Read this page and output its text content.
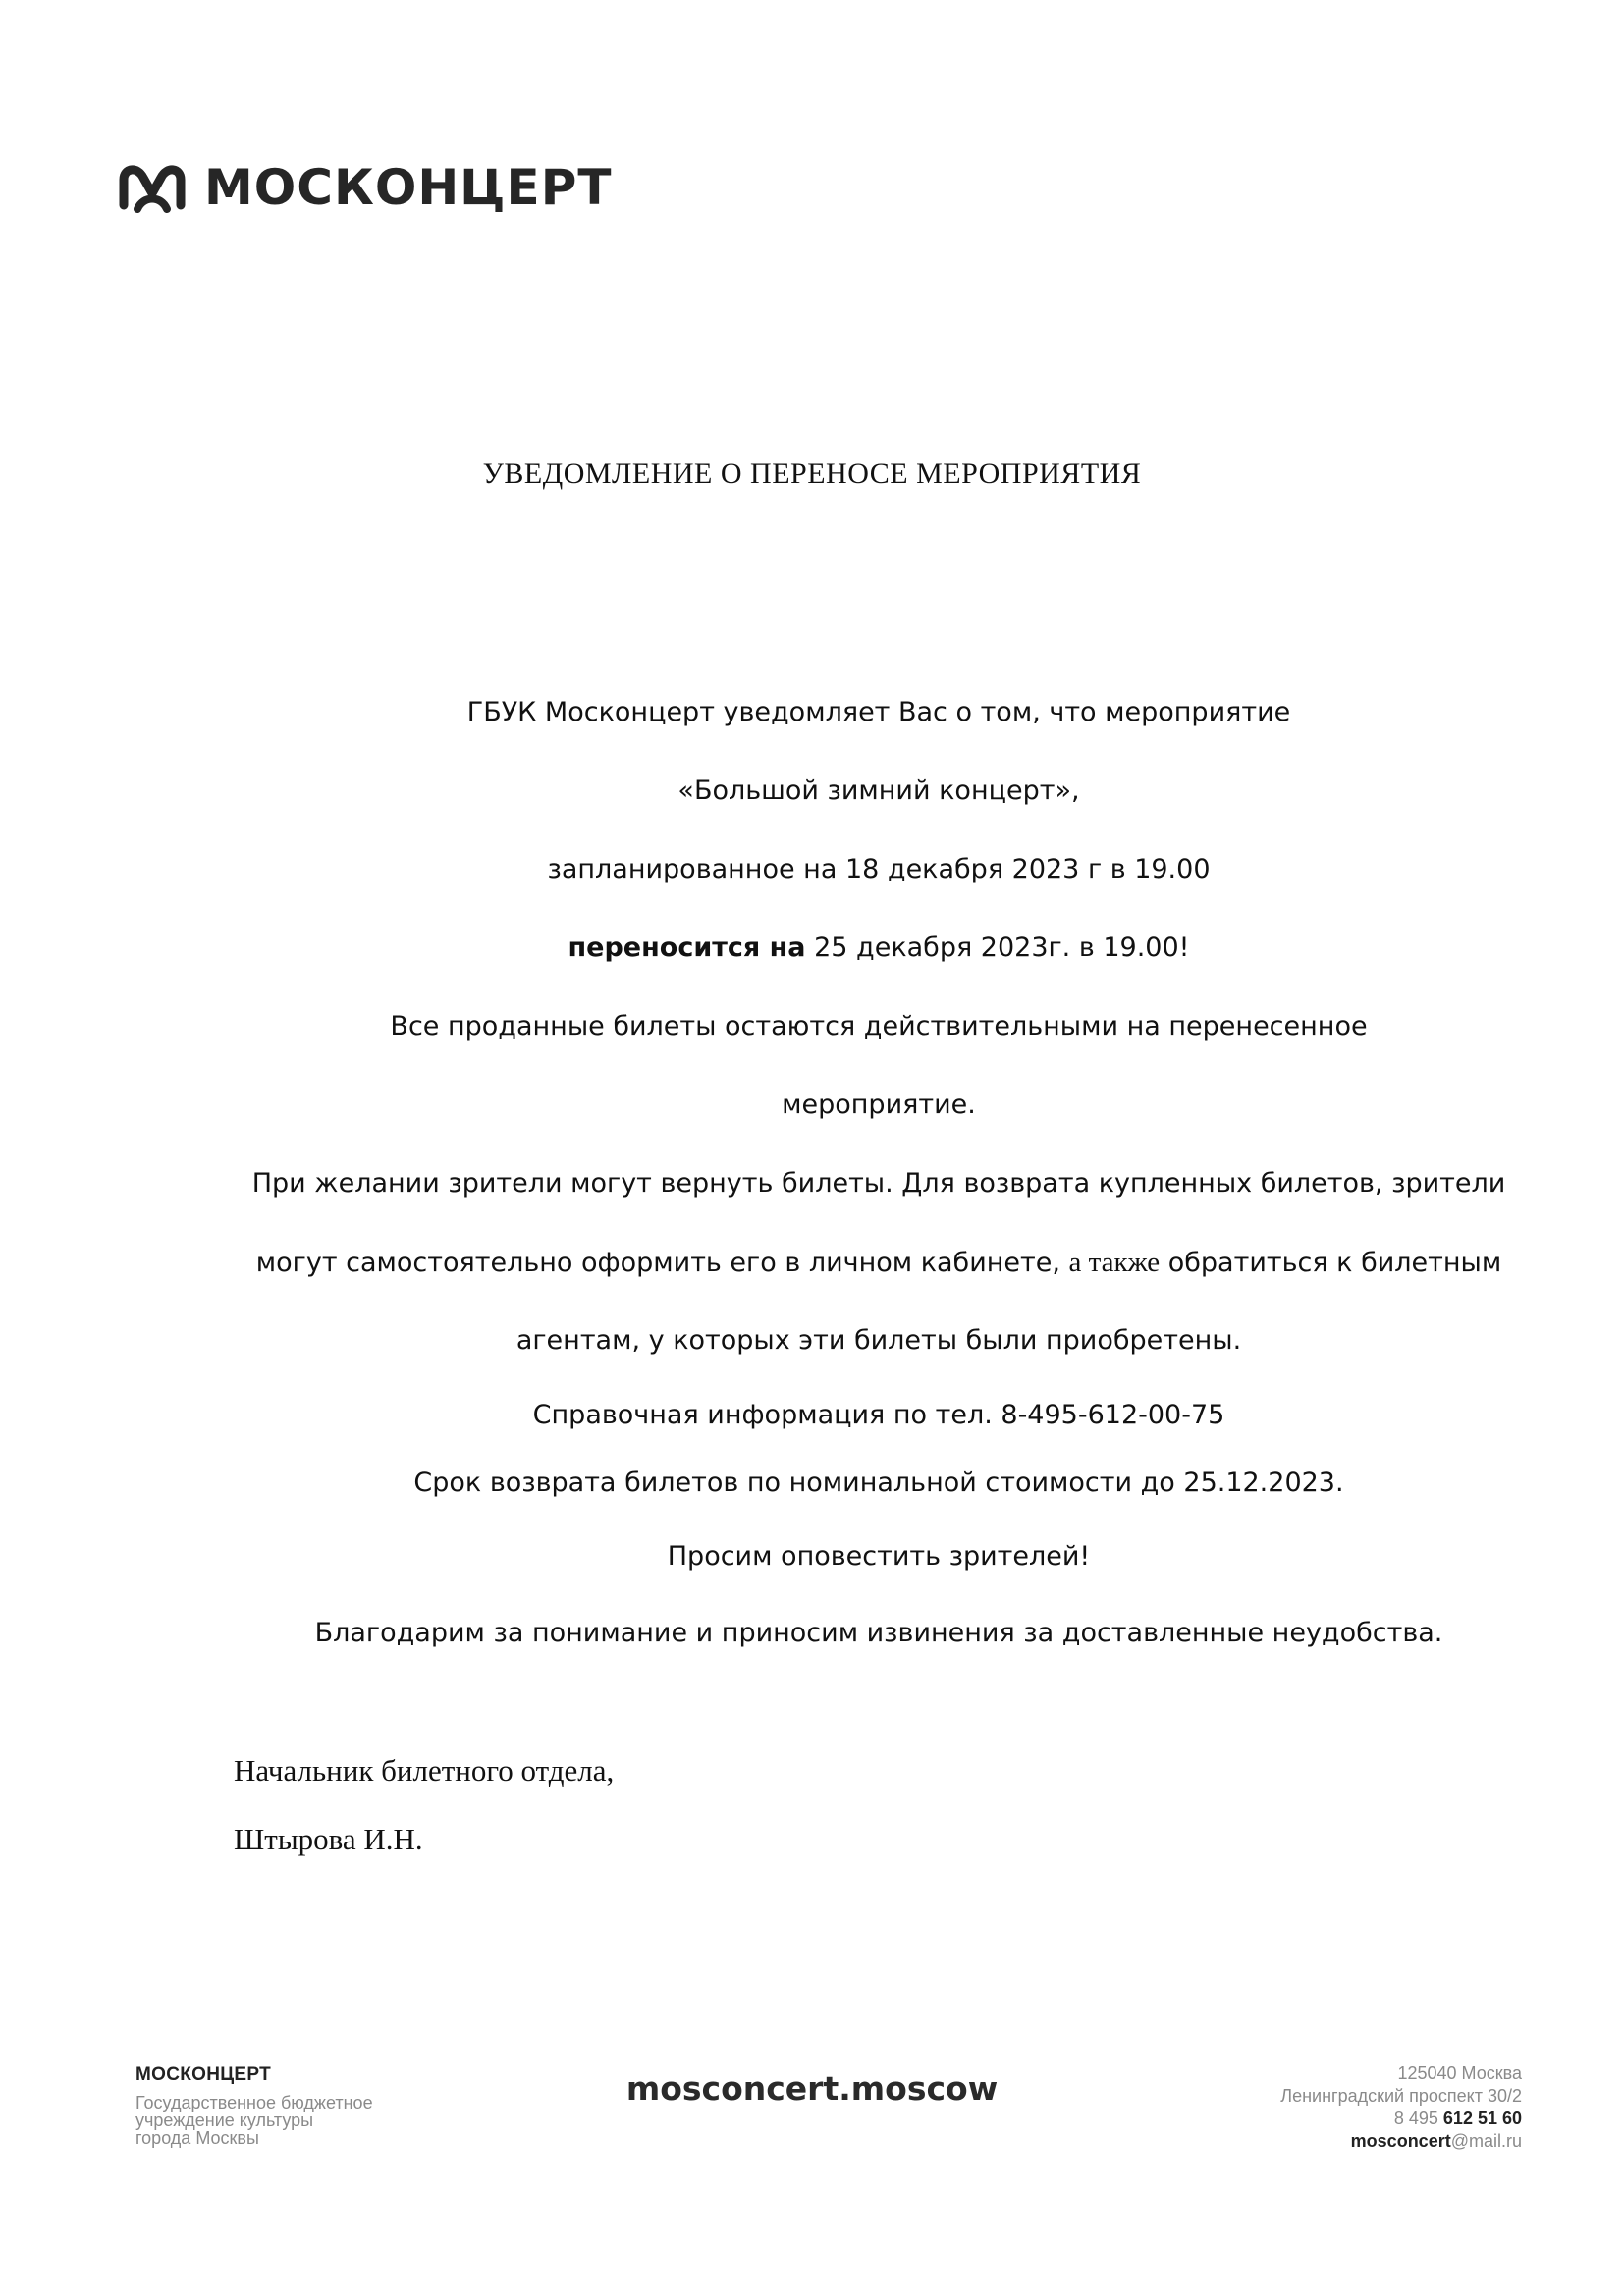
МОСКОНЦЕРТ
УВЕДОМЛЕНИЕ О ПЕРЕНОСЕ МЕРОПРИЯТИЯ
ГБУК Москонцерт уведомляет Вас о том, что мероприятие
«Большой зимний концерт»,
запланированное на 18 декабря 2023 г в 19.00
переносится на 25 декабря 2023г. в 19.00!
Все проданные билеты остаются действительными на перенесенное
мероприятие.
При желании зрители могут вернуть билеты. Для возврата купленных билетов, зрители
могут самостоятельно оформить его в личном кабинете, а также обратиться к билетным
агентам, у которых эти билеты были приобретены.
Справочная информация по тел. 8-495-612-00-75
Срок возврата билетов по номинальной стоимости до 25.12.2023.
Просим оповестить зрителей!
Благодарим за понимание и приносим извинения за доставленные неудобства.
Начальник билетного отдела,
Штырова И.Н.
МОСКОНЦЕРТ
Государственное бюджетное
учреждение культуры
города Москвы
mosconcert.moscow	125040 Москва
Ленинградский проспект 30/2
8 495 612 51 60
mosconcert@mail.ru
